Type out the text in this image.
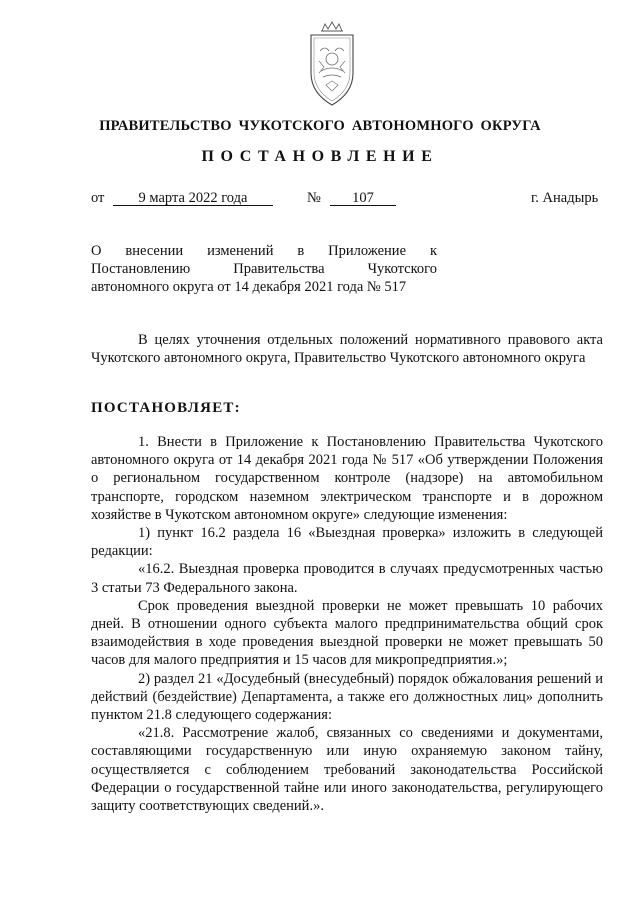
ПРАВИТЕЛЬСТВО ЧУКОТСКОГО АВТОНОМНОГО ОКРУГА
ПОСТАНОВЛЕНИЕ
от	9 марта 2022 года	№	107	г. Анадырь
О внесении изменений в Приложение к
Постановлению Правительства Чукотского
автономного округа от 14 декабря 2021 года № 517

В целях уточнения отдельных положений нормативного правового акта Чукотского автономного округа, Правительство Чукотского автономного округа

ПОСТАНОВЛЯЕТ:

1. Внести в Приложение к Постановлению Правительства Чукотского автономного округа от 14 декабря 2021 года № 517 «Об утверждении Положения о региональном государственном контроле (надзоре) на автомобильном транспорте, городском наземном электрическом транспорте и в дорожном хозяйстве в Чукотском автономном округе» следующие изменения:

1) пункт 16.2 раздела 16 «Выездная проверка» изложить в следующей редакции:

«16.2. Выездная проверка проводится в случаях предусмотренных частью 3 статьи 73 Федерального закона.

Срок проведения выездной проверки не может превышать 10 рабочих дней. В отношении одного субъекта малого предпринимательства общий срок взаимодействия в ходе проведения выездной проверки не может превышать 50 часов для малого предприятия и 15 часов для микропредприятия.»;

2) раздел 21 «Досудебный (внесудебный) порядок обжалования решений и действий (бездействие) Департамента, а также его должностных лиц» дополнить пунктом 21.8 следующего содержания:

«21.8. Рассмотрение жалоб, связанных со сведениями и документами, составляющими государственную или иную охраняемую законом тайну, осуществляется с соблюдением требований законодательства Российской Федерации о государственной тайне или иного законодательства, регулирующего защиту соответствующих сведений.».
